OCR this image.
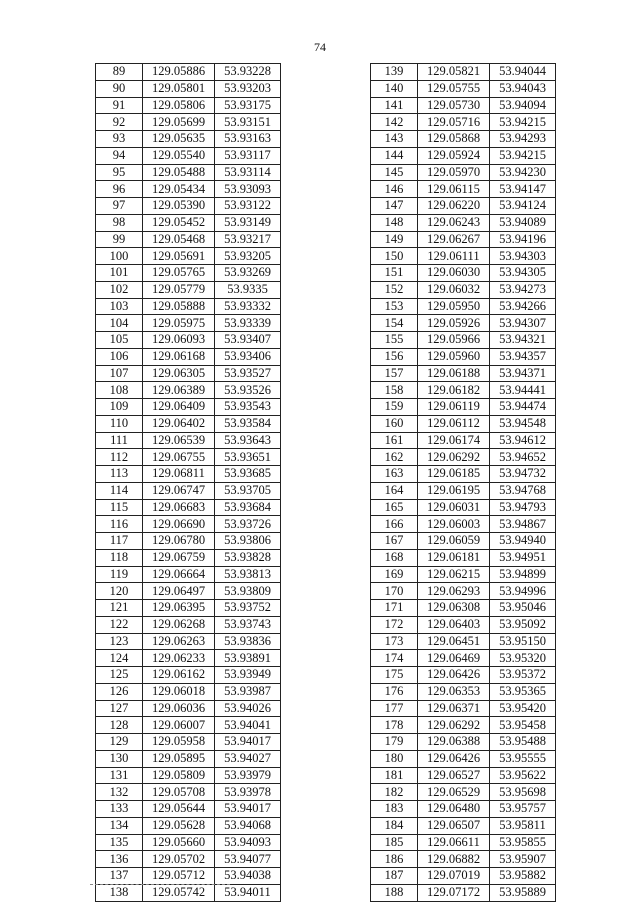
74
89	129.05886	53.93228
90	129.05801	53.93203
91	129.05806	53.93175
92	129.05699	53.93151
93	129.05635	53.93163
94	129.05540	53.93117
95	129.05488	53.93114
96	129.05434	53.93093
97	129.05390	53.93122
98	129.05452	53.93149
99	129.05468	53.93217
100	129.05691	53.93205
101	129.05765	53.93269
102	129.05779	53.9335
103	129.05888	53.93332
104	129.05975	53.93339
105	129.06093	53.93407
106	129.06168	53.93406
107	129.06305	53.93527
108	129.06389	53.93526
109	129.06409	53.93543
110	129.06402	53.93584
111	129.06539	53.93643
112	129.06755	53.93651
113	129.06811	53.93685
114	129.06747	53.93705
115	129.06683	53.93684
116	129.06690	53.93726
117	129.06780	53.93806
118	129.06759	53.93828
119	129.06664	53.93813
120	129.06497	53.93809
121	129.06395	53.93752
122	129.06268	53.93743
123	129.06263	53.93836
124	129.06233	53.93891
125	129.06162	53.93949
126	129.06018	53.93987
127	129.06036	53.94026
128	129.06007	53.94041
129	129.05958	53.94017
130	129.05895	53.94027
131	129.05809	53.93979
132	129.05708	53.93978
133	129.05644	53.94017
134	129.05628	53.94068
135	129.05660	53.94093
136	129.05702	53.94077
137	129.05712	53.94038
138	129.05742	53.94011
139	129.05821	53.94044
140	129.05755	53.94043
141	129.05730	53.94094
142	129.05716	53.94215
143	129.05868	53.94293
144	129.05924	53.94215
145	129.05970	53.94230
146	129.06115	53.94147
147	129.06220	53.94124
148	129.06243	53.94089
149	129.06267	53.94196
150	129.06111	53.94303
151	129.06030	53.94305
152	129.06032	53.94273
153	129.05950	53.94266
154	129.05926	53.94307
155	129.05966	53.94321
156	129.05960	53.94357
157	129.06188	53.94371
158	129.06182	53.94441
159	129.06119	53.94474
160	129.06112	53.94548
161	129.06174	53.94612
162	129.06292	53.94652
163	129.06185	53.94732
164	129.06195	53.94768
165	129.06031	53.94793
166	129.06003	53.94867
167	129.06059	53.94940
168	129.06181	53.94951
169	129.06215	53.94899
170	129.06293	53.94996
171	129.06308	53.95046
172	129.06403	53.95092
173	129.06451	53.95150
174	129.06469	53.95320
175	129.06426	53.95372
176	129.06353	53.95365
177	129.06371	53.95420
178	129.06292	53.95458
179	129.06388	53.95488
180	129.06426	53.95555
181	129.06527	53.95622
182	129.06529	53.95698
183	129.06480	53.95757
184	129.06507	53.95811
185	129.06611	53.95855
186	129.06882	53.95907
187	129.07019	53.95882
188	129.07172	53.95889
